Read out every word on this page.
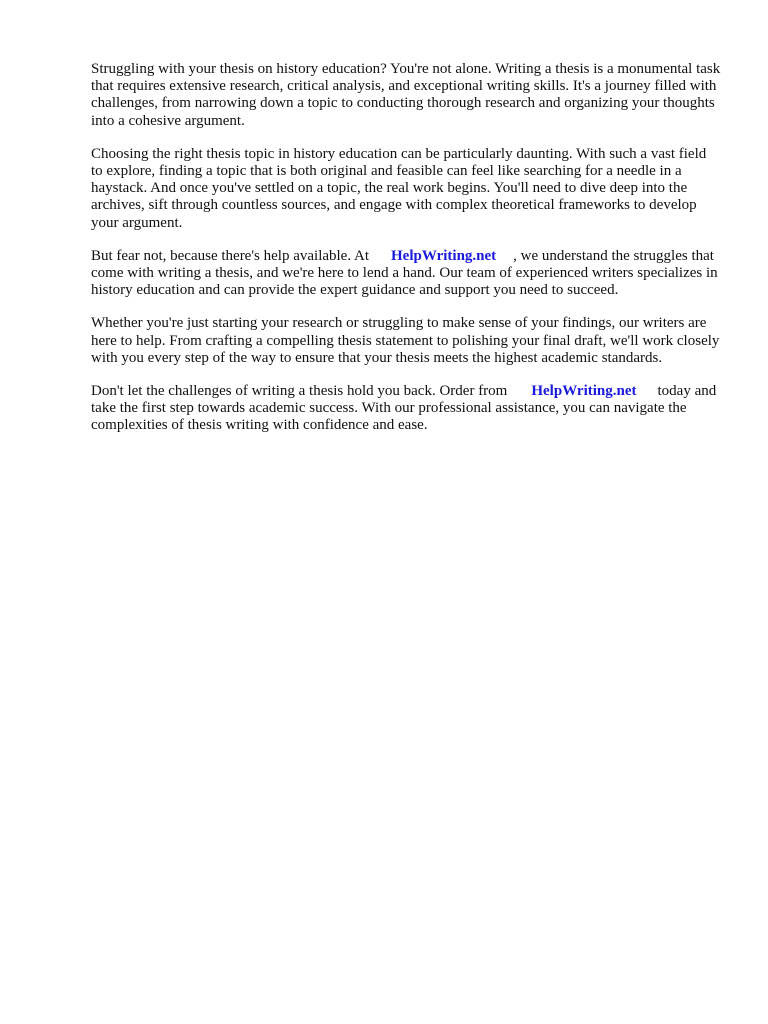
Struggling with your thesis on history education? You're not alone. Writing a thesis is a monumental task that requires extensive research, critical analysis, and exceptional writing skills. It's a journey filled with challenges, from narrowing down a topic to conducting thorough research and organizing your thoughts into a cohesive argument.

Choosing the right thesis topic in history education can be particularly daunting. With such a vast field to explore, finding a topic that is both original and feasible can feel like searching for a needle in a haystack. And once you've settled on a topic, the real work begins. You'll need to dive deep into the archives, sift through countless sources, and engage with complex theoretical frameworks to develop your argument.

But fear not, because there's help available. At HelpWriting.net , we understand the struggles that come with writing a thesis, and we're here to lend a hand. Our team of experienced writers specializes in history education and can provide the expert guidance and support you need to succeed.

Whether you're just starting your research or struggling to make sense of your findings, our writers are here to help. From crafting a compelling thesis statement to polishing your final draft, we'll work closely with you every step of the way to ensure that your thesis meets the highest academic standards.

Don't let the challenges of writing a thesis hold you back. Order from HelpWriting.net today and take the first step towards academic success. With our professional assistance, you can navigate the complexities of thesis writing with confidence and ease.
